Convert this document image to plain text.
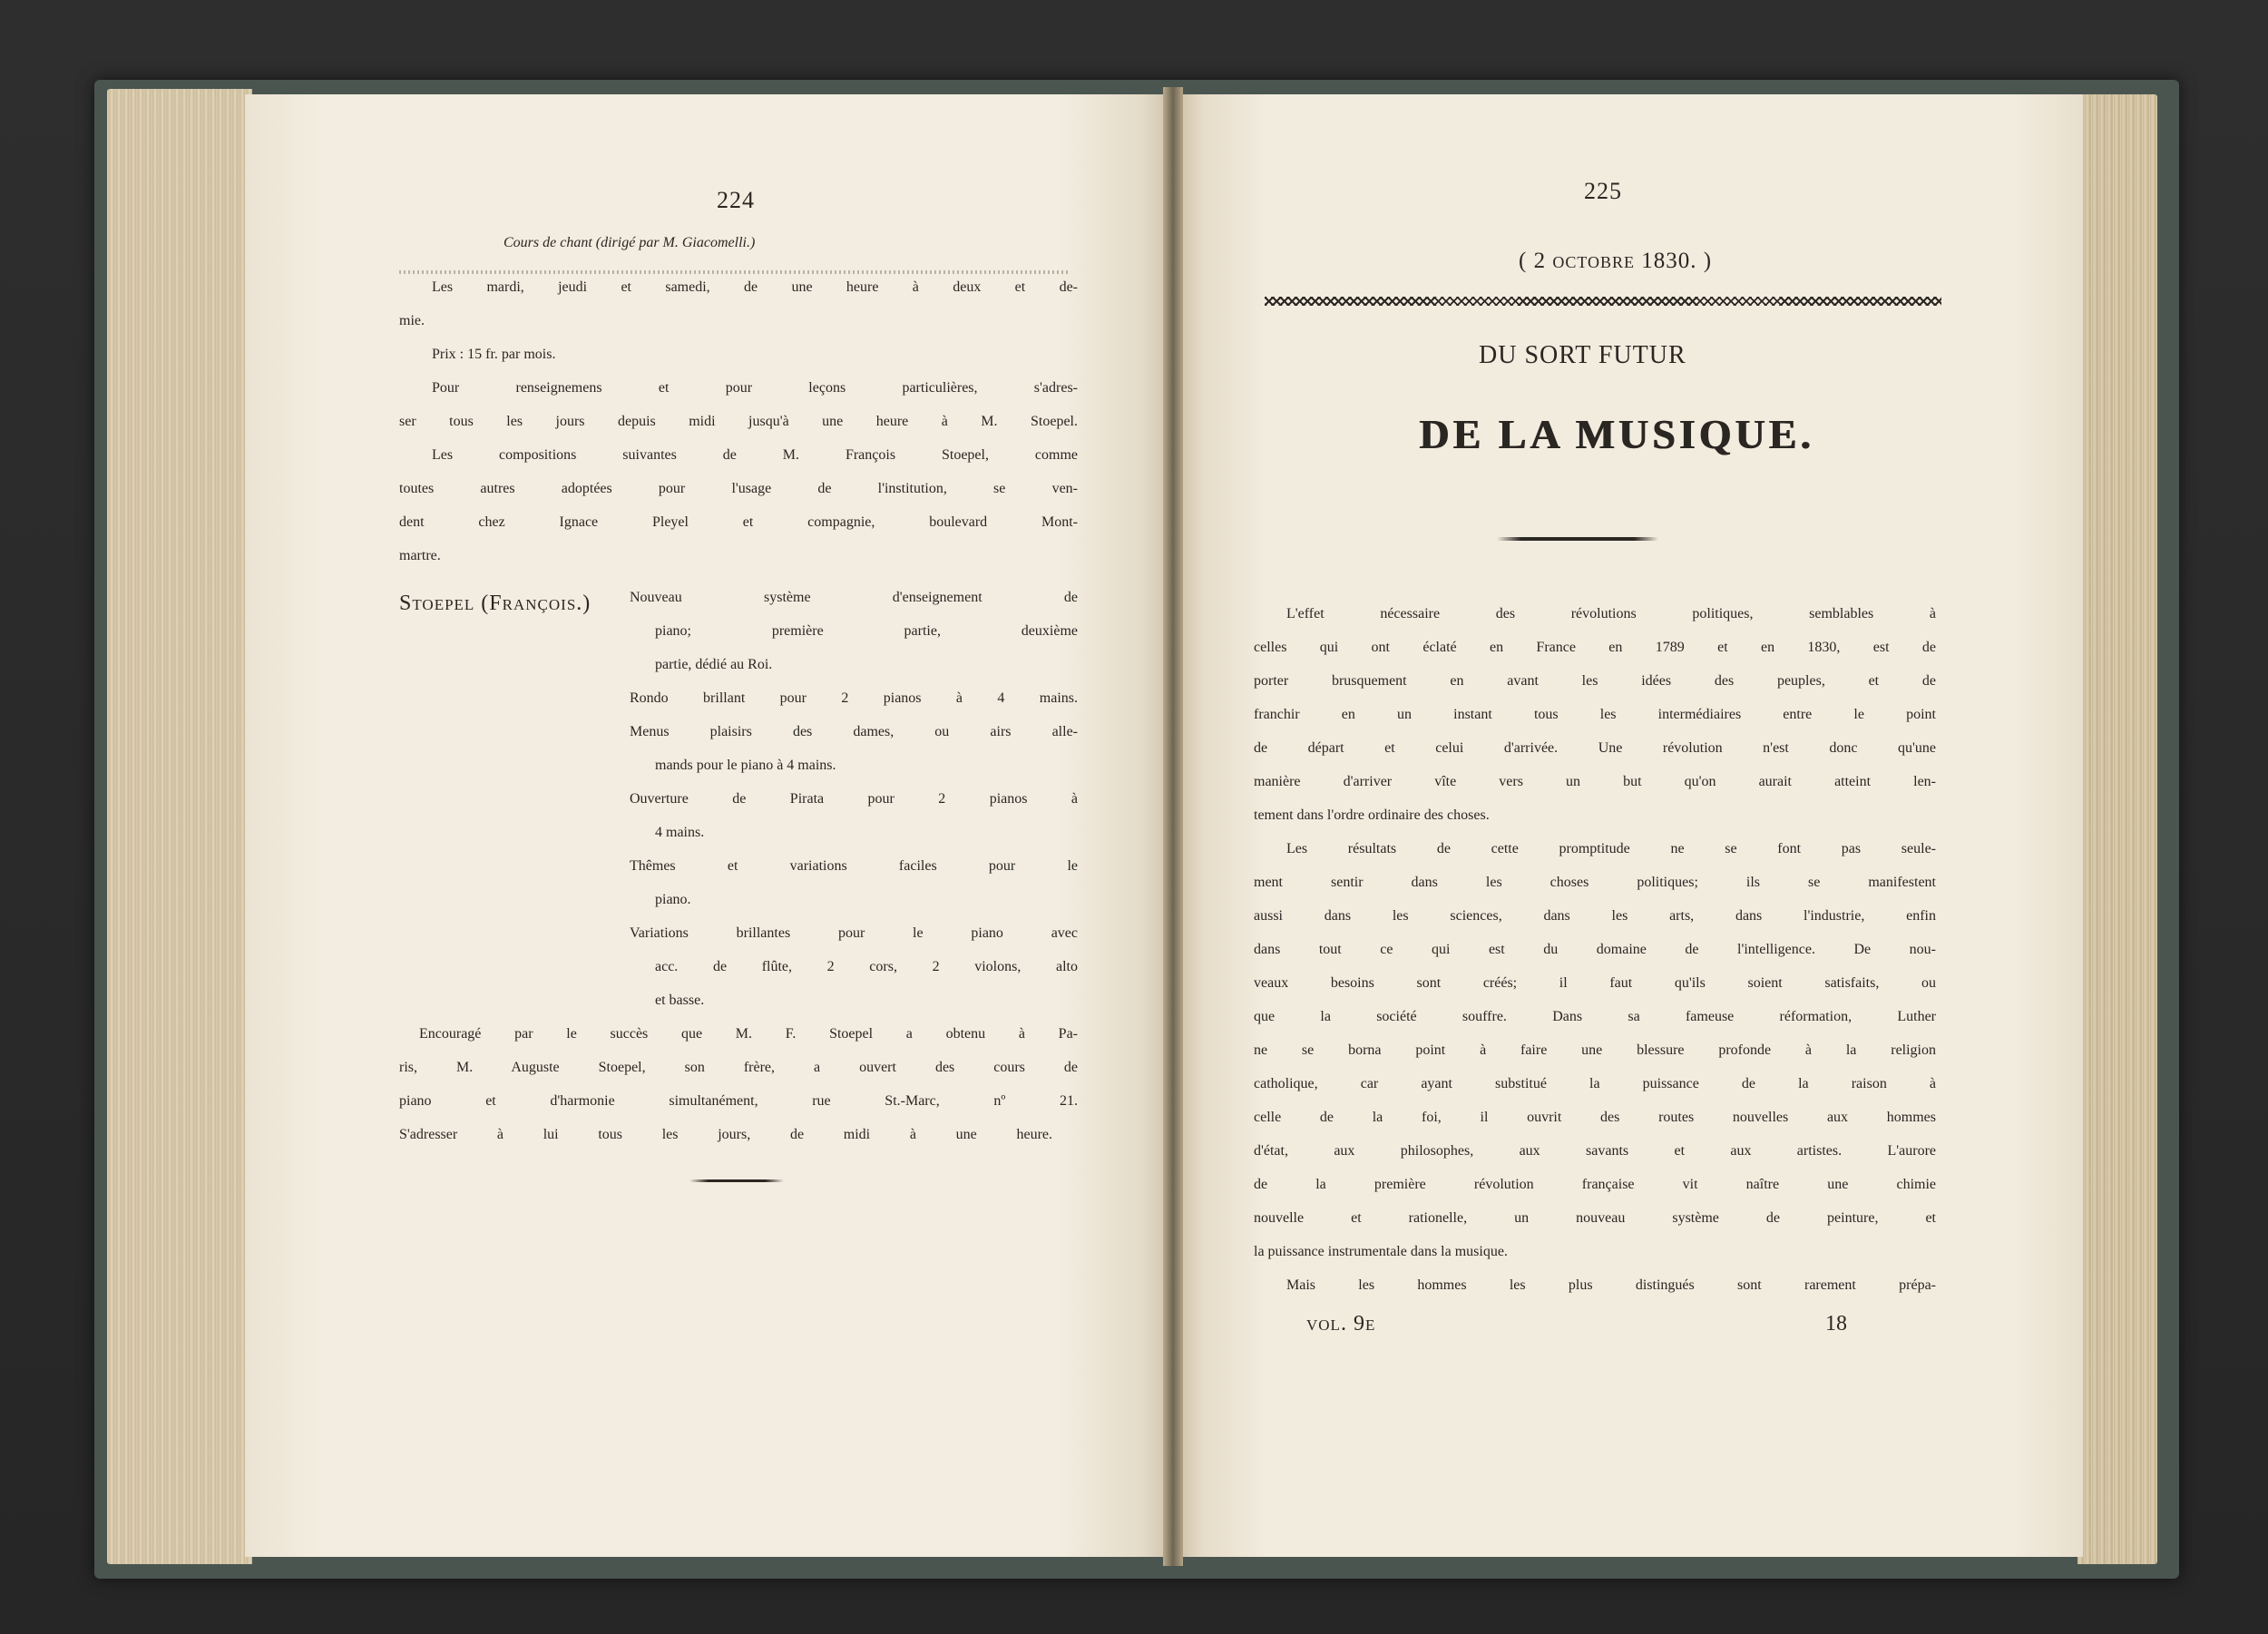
224
Cours de chant (dirigé par M. Giacomelli.)
Les mardi, jeudi et samedi, de une heure à deux et de-
mie.
Prix : 15 fr. par mois.
Pour renseignemens et pour leçons particulières, s'adres-
ser tous les jours depuis midi jusqu'à une heure à M. Stoepel.
Les compositions suivantes de M. François Stoepel, comme
toutes autres adoptées pour l'usage de l'institution, se ven-
dent chez Ignace Pleyel et compagnie, boulevard Mont-
martre.
Stoepel (François.)	Nouveau système d'enseignement de
piano; première partie, deuxième
partie, dédié au Roi.
Rondo brillant pour 2 pianos à 4 mains.
Menus plaisirs des dames, ou airs alle-
mands pour le piano à 4 mains.
Ouverture de Pirata pour 2 pianos à
4 mains.
Thêmes et variations faciles pour le
piano.
Variations brillantes pour le piano avec
acc. de flûte, 2 cors, 2 violons, alto
et basse.
Encouragé par le succès que M. F. Stoepel a obtenu à Pa-
ris, M. Auguste Stoepel, son frère, a ouvert des cours de
piano et d'harmonie simultanément, rue St.-Marc, nº 21.
S'adresser à lui tous les jours, de midi à une heure.
225
( 2 octobre 1830. )
DU SORT FUTUR
DE LA MUSIQUE.
L'effet nécessaire des révolutions politiques, semblables à
celles qui ont éclaté en France en 1789 et en 1830, est de
porter brusquement en avant les idées des peuples, et de
franchir en un instant tous les intermédiaires entre le point
de départ et celui d'arrivée. Une révolution n'est donc qu'une
manière d'arriver vîte vers un but qu'on aurait atteint len-
tement dans l'ordre ordinaire des choses.
Les résultats de cette promptitude ne se font pas seule-
ment sentir dans les choses politiques; ils se manifestent
aussi dans les sciences, dans les arts, dans l'industrie, enfin
dans tout ce qui est du domaine de l'intelligence. De nou-
veaux besoins sont créés; il faut qu'ils soient satisfaits, ou
que la société souffre. Dans sa fameuse réformation, Luther
ne se borna point à faire une blessure profonde à la religion
catholique, car ayant substitué la puissance de la raison à
celle de la foi, il ouvrit des routes nouvelles aux hommes
d'état, aux philosophes, aux savants et aux artistes. L'aurore
de la première révolution française vit naître une chimie
nouvelle et rationelle, un nouveau système de peinture, et
la puissance instrumentale dans la musique.
Mais les hommes les plus distingués sont rarement prépa-
vol. 9e	18
